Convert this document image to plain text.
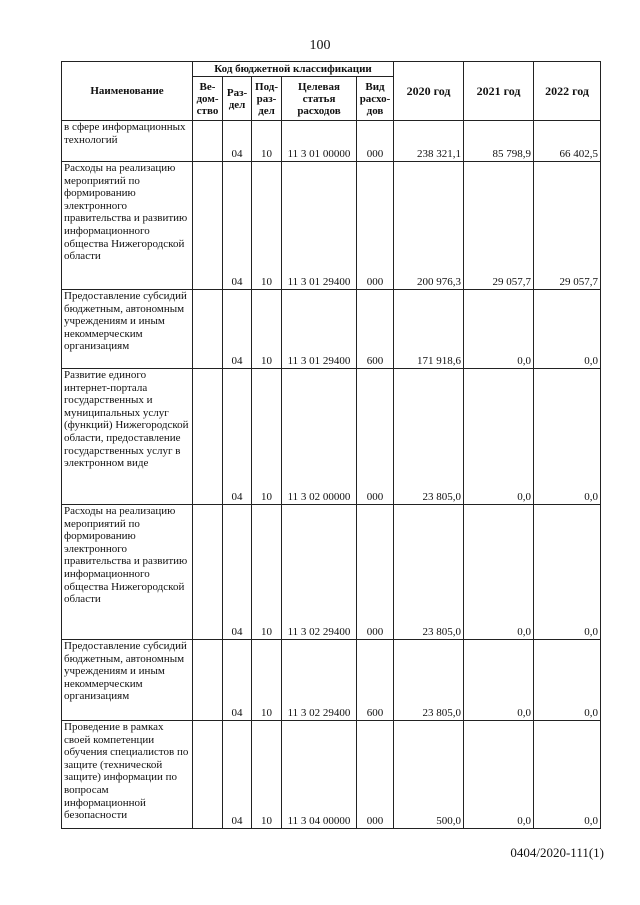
100
Наименование	Код бюджетной классификации					2020 год	2021 год	2022 год
	Ве- дом- ство	Раз- дел	Под- раз- дел	Целевая статья расходов	Вид расхо- дов			
в сфере информационных технологий		04	10	11 3 01 00000	000	238 321,1	85 798,9	66 402,5
Расходы на реализацию мероприятий по формированию электронного правительства и развитию информационного общества Нижегородской области		04	10	11 3 01 29400	000	200 976,3	29 057,7	29 057,7
Предоставление субсидий бюджетным, автономным учреждениям и иным некоммерческим организациям		04	10	11 3 01 29400	600	171 918,6	0,0	0,0
Развитие единого интернет-портала государственных и муниципальных услуг (функций) Нижегородской области, предоставление государственных услуг в электронном виде		04	10	11 3 02 00000	000	23 805,0	0,0	0,0
Расходы на реализацию мероприятий по формированию электронного правительства и развитию информационного общества Нижегородской области		04	10	11 3 02 29400	000	23 805,0	0,0	0,0
Предоставление субсидий бюджетным, автономным учреждениям и иным некоммерческим организациям		04	10	11 3 02 29400	600	23 805,0	0,0	0,0
Проведение в рамках своей компетенции обучения специалистов по защите (технической защите) информации по вопросам информационной безопасности		04	10	11 3 04 00000	000	500,0	0,0	0,0
0404/2020-111(1)
